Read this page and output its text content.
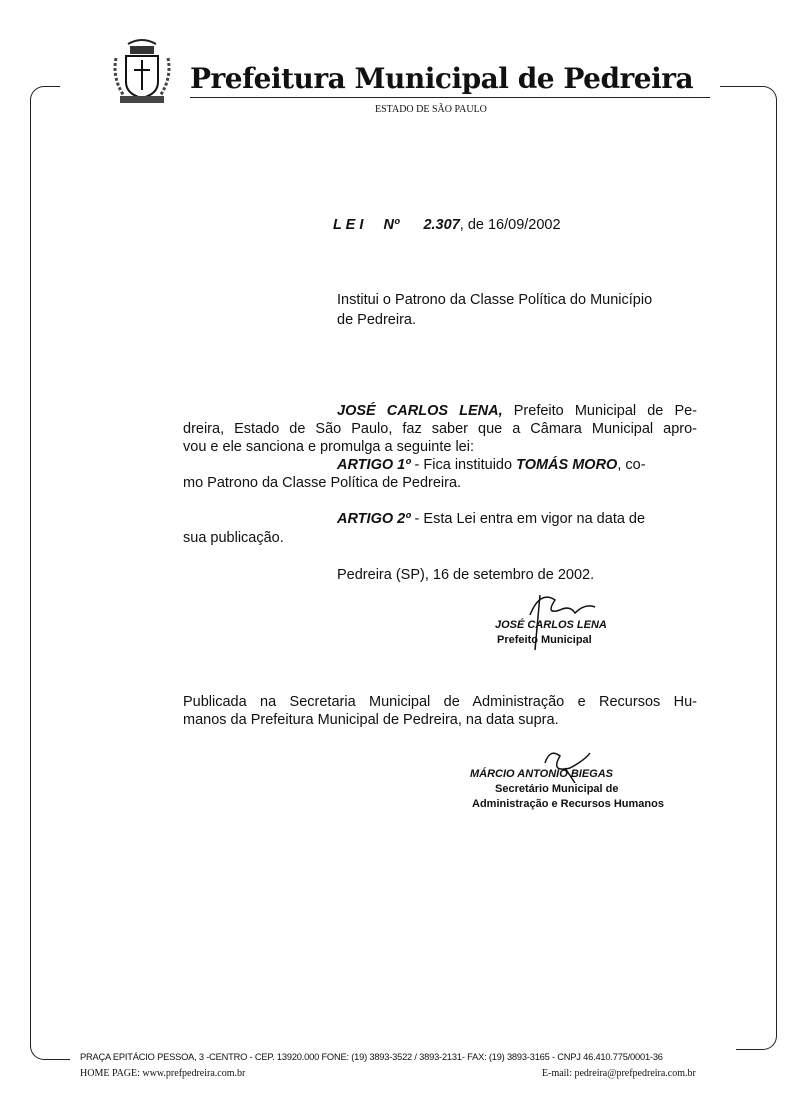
Prefeitura Municipal de Pedreira
ESTADO DE SÃO PAULO
L E I Nº 2.307, de 16/09/2002
Institui o Patrono da Classe Política do Município
de Pedreira.
JOSÉ CARLOS LENA, Prefeito Municipal de Pe-
dreira, Estado de São Paulo, faz saber que a Câmara Municipal apro-
vou e ele sanciona e promulga a seguinte lei:
ARTIGO 1º - Fica instituido TOMÁS MORO, co-
mo Patrono da Classe Política de Pedreira.
ARTIGO 2º - Esta Lei entra em vigor na data de
sua publicação.
Pedreira (SP), 16 de setembro de 2002.
JOSÉ CARLOS LENA
Prefeito Municipal
Publicada na Secretaria Municipal de Administração e Recursos Hu-
manos da Prefeitura Municipal de Pedreira, na data supra.
MÁRCIO ANTONIO BIEGAS
Secretário Municipal de
Administração e Recursos Humanos
PRAÇA EPITÁCIO PESSOA, 3 -CENTRO - CEP. 13920.000 FONE: (19) 3893-3522 / 3893-2131- FAX: (19) 3893-3165 - CNPJ 46.410.775/0001-36
HOME PAGE: www.prefpedreira.com.br	E-mail: pedreira@prefpedreira.com.br
